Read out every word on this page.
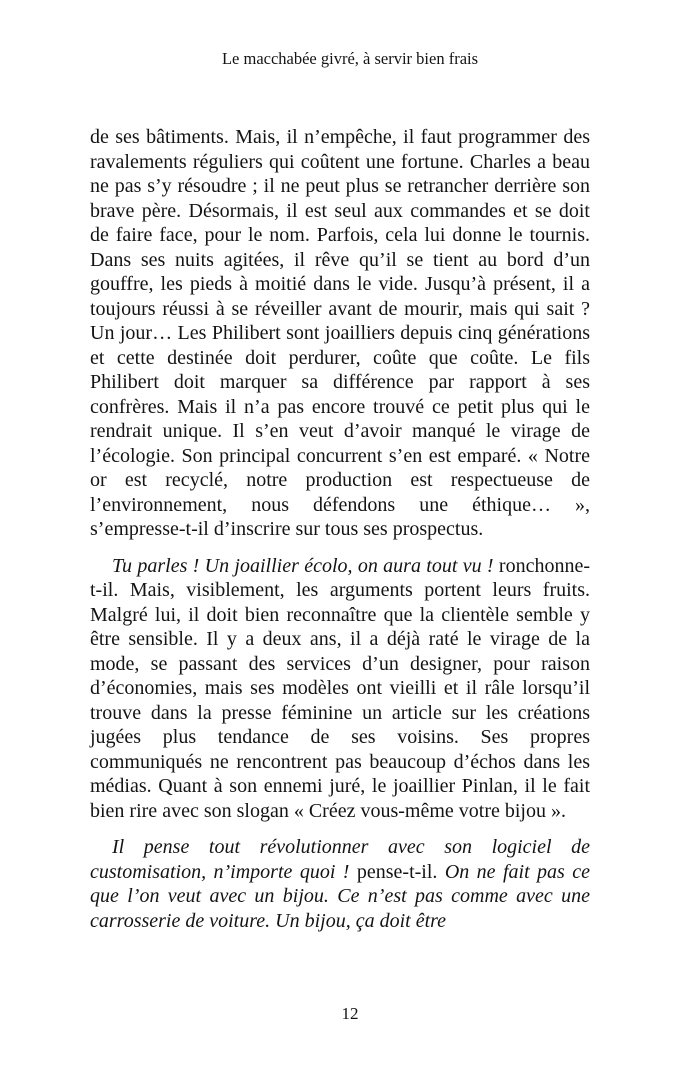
Le macchabée givré, à servir bien frais

de ses bâtiments. Mais, il n’empêche, il faut programmer des ravalements réguliers qui coûtent une fortune. Charles a beau ne pas s’y résoudre ; il ne peut plus se retrancher derrière son brave père. Désormais, il est seul aux commandes et se doit de faire face, pour le nom. Parfois, cela lui donne le tournis. Dans ses nuits agitées, il rêve qu’il se tient au bord d’un gouffre, les pieds à moitié dans le vide. Jusqu’à présent, il a toujours réussi à se réveiller avant de mourir, mais qui sait ? Un jour… Les Philibert sont joailliers depuis cinq générations et cette destinée doit perdurer, coûte que coûte. Le fils Philibert doit marquer sa différence par rapport à ses confrères. Mais il n’a pas encore trouvé ce petit plus qui le rendrait unique. Il s’en veut d’avoir manqué le virage de l’écologie. Son principal concurrent s’en est emparé. « Notre or est recyclé, notre production est respectueuse de l’environnement, nous défendons une éthique… », s’empresse-t-il d’inscrire sur tous ses prospectus.

Tu parles ! Un joaillier écolo, on aura tout vu ! ronchonne-t-il. Mais, visiblement, les arguments portent leurs fruits. Malgré lui, il doit bien reconnaître que la clientèle semble y être sensible. Il y a deux ans, il a déjà raté le virage de la mode, se passant des services d’un designer, pour raison d’économies, mais ses modèles ont vieilli et il râle lorsqu’il trouve dans la presse féminine un article sur les créations jugées plus tendance de ses voisins. Ses propres communiqués ne rencontrent pas beaucoup d’échos dans les médias. Quant à son ennemi juré, le joaillier Pinlan, il le fait bien rire avec son slogan « Créez vous-même votre bijou ».

Il pense tout révolutionner avec son logiciel de customisation, n’importe quoi ! pense-t-il. On ne fait pas ce que l’on veut avec un bijou. Ce n’est pas comme avec une carrosserie de voiture. Un bijou, ça doit être

12
